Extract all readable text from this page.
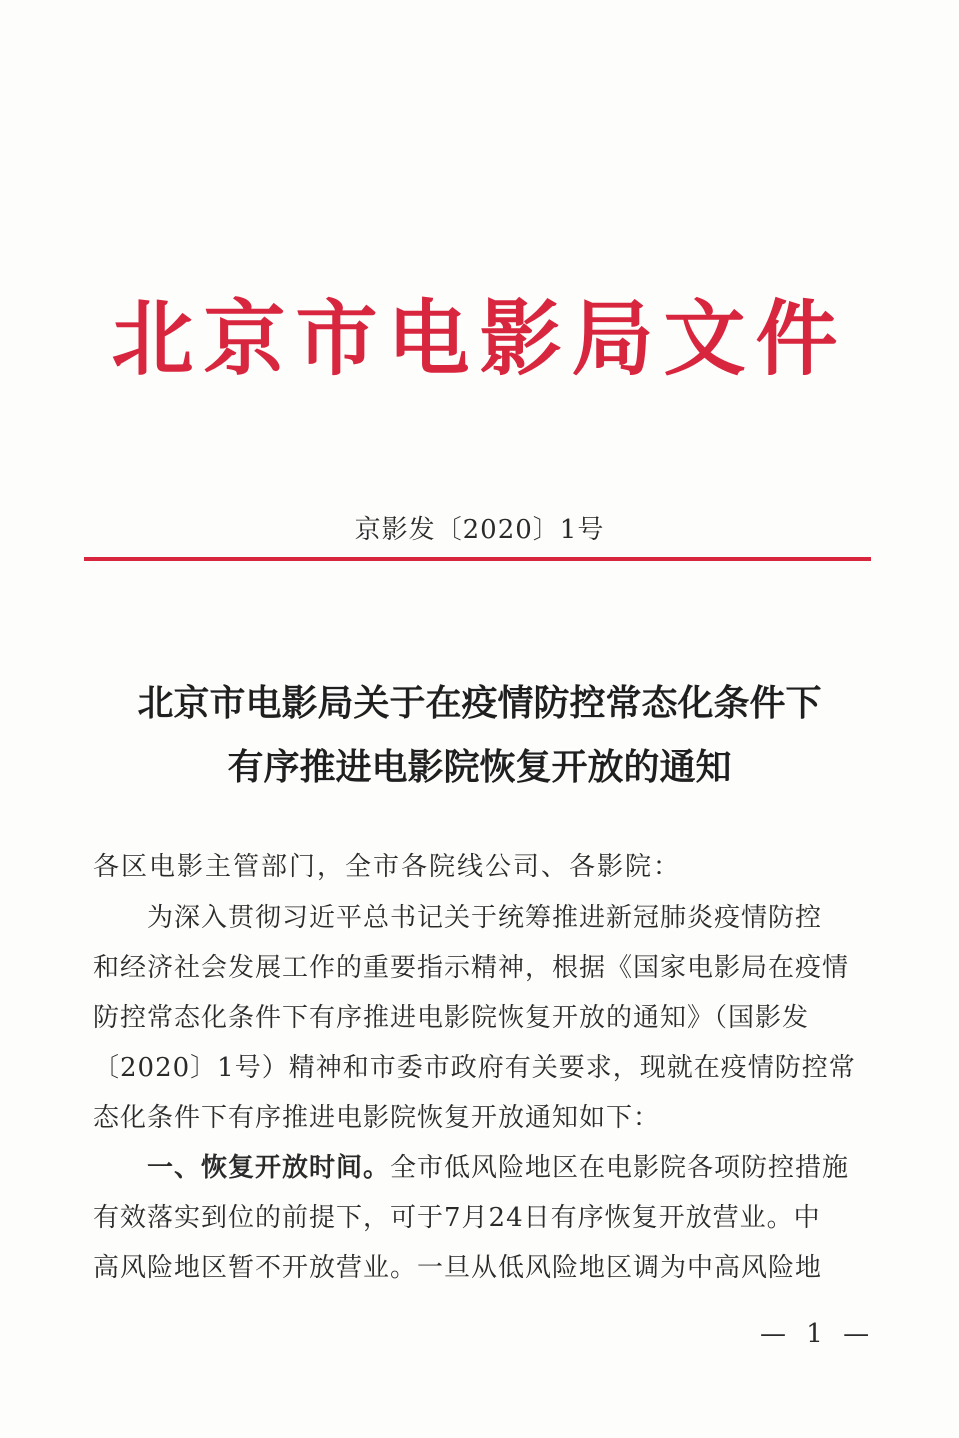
北京市电影局文件
京影发〔2020〕1号
北京市电影局关于在疫情防控常态化条件下
有序推进电影院恢复开放的通知
各区电影主管部门，全市各院线公司、各影院：
　　为深入贯彻习近平总书记关于统筹推进新冠肺炎疫情防控
和经济社会发展工作的重要指示精神，根据《国家电影局在疫情
防控常态化条件下有序推进电影院恢复开放的通知》（国影发
〔2020〕1号）精神和市委市政府有关要求，现就在疫情防控常
态化条件下有序推进电影院恢复开放通知如下：
　　一、恢复开放时间。全市低风险地区在电影院各项防控措施
有效落实到位的前提下，可于7月24日有序恢复开放营业。中
高风险地区暂不开放营业。一旦从低风险地区调为中高风险地
— 1 —
